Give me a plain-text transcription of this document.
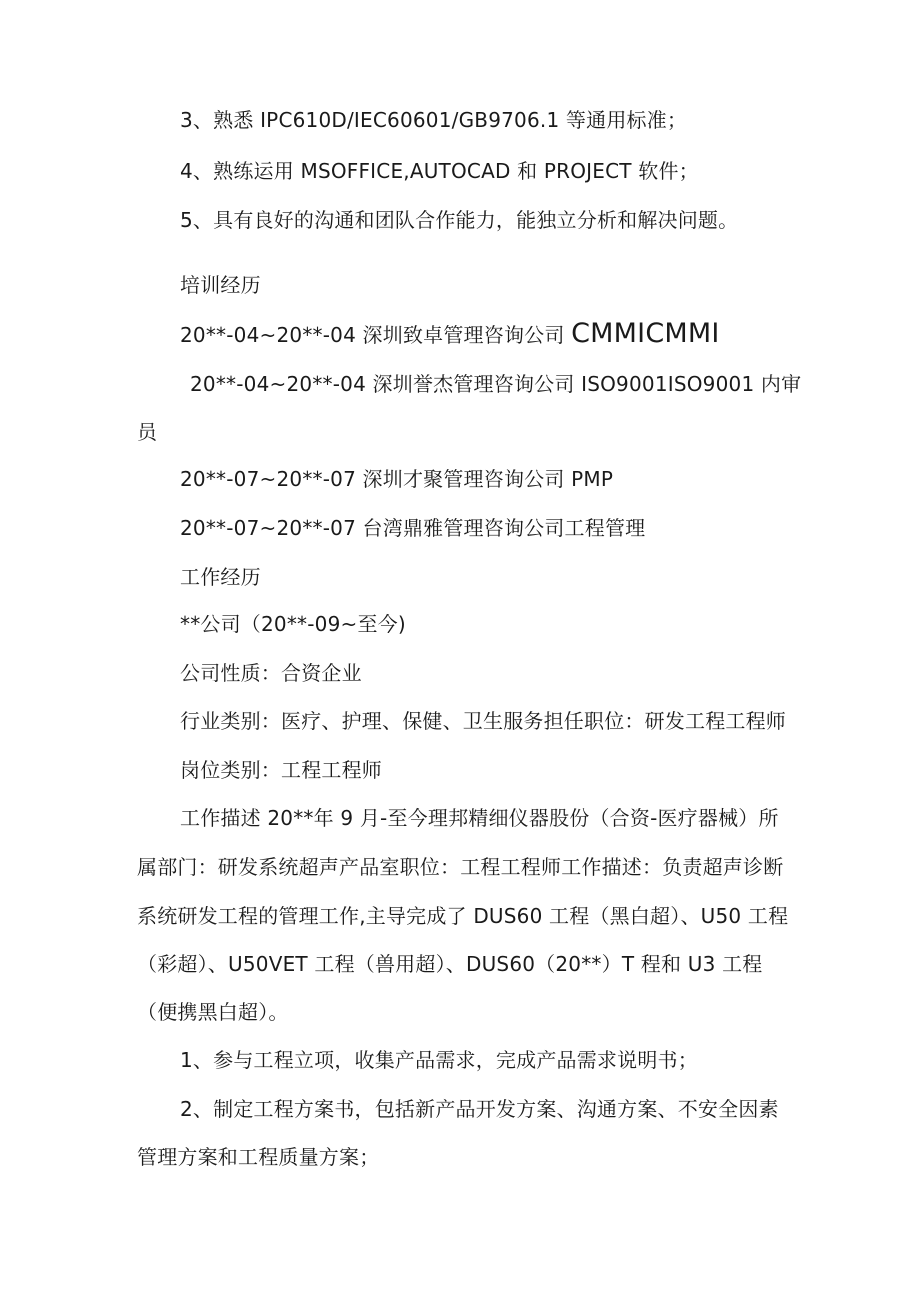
3、熟悉 IPC610D/IEC60601/GB9706.1 等通用标准；
4、熟练运用 MSOFFICE,AUTOCAD 和 PROJECT 软件；
5、具有良好的沟通和团队合作能力，能独立分析和解决问题。
培训经历
20**-04~20**-04 深圳致卓管理咨询公司 CMMICMMI
20**-04~20**-04 深圳誉杰管理咨询公司 ISO9001ISO9001 内审
员
20**-07~20**-07 深圳才聚管理咨询公司 PMP
20**-07~20**-07 台湾鼎雅管理咨询公司工程管理
工作经历
**公司（20**-09~至今)
公司性质：合资企业
行业类别：医疗、护理、保健、卫生服务担任职位：研发工程工程师
岗位类别：工程工程师
工作描述 20**年 9 月-至今理邦精细仪器股份（合资-医疗器械）所
属部门：研发系统超声产品室职位：工程工程师工作描述：负责超声诊断
系统研发工程的管理工作,主导完成了 DUS60 工程（黑白超）、U50 工程
（彩超）、U50VET 工程（兽用超）、DUS60（20**）T 程和 U3 工程
（便携黑白超）。
1、参与工程立项，收集产品需求，完成产品需求说明书；
2、制定工程方案书，包括新产品开发方案、沟通方案、不安全因素
管理方案和工程质量方案；
